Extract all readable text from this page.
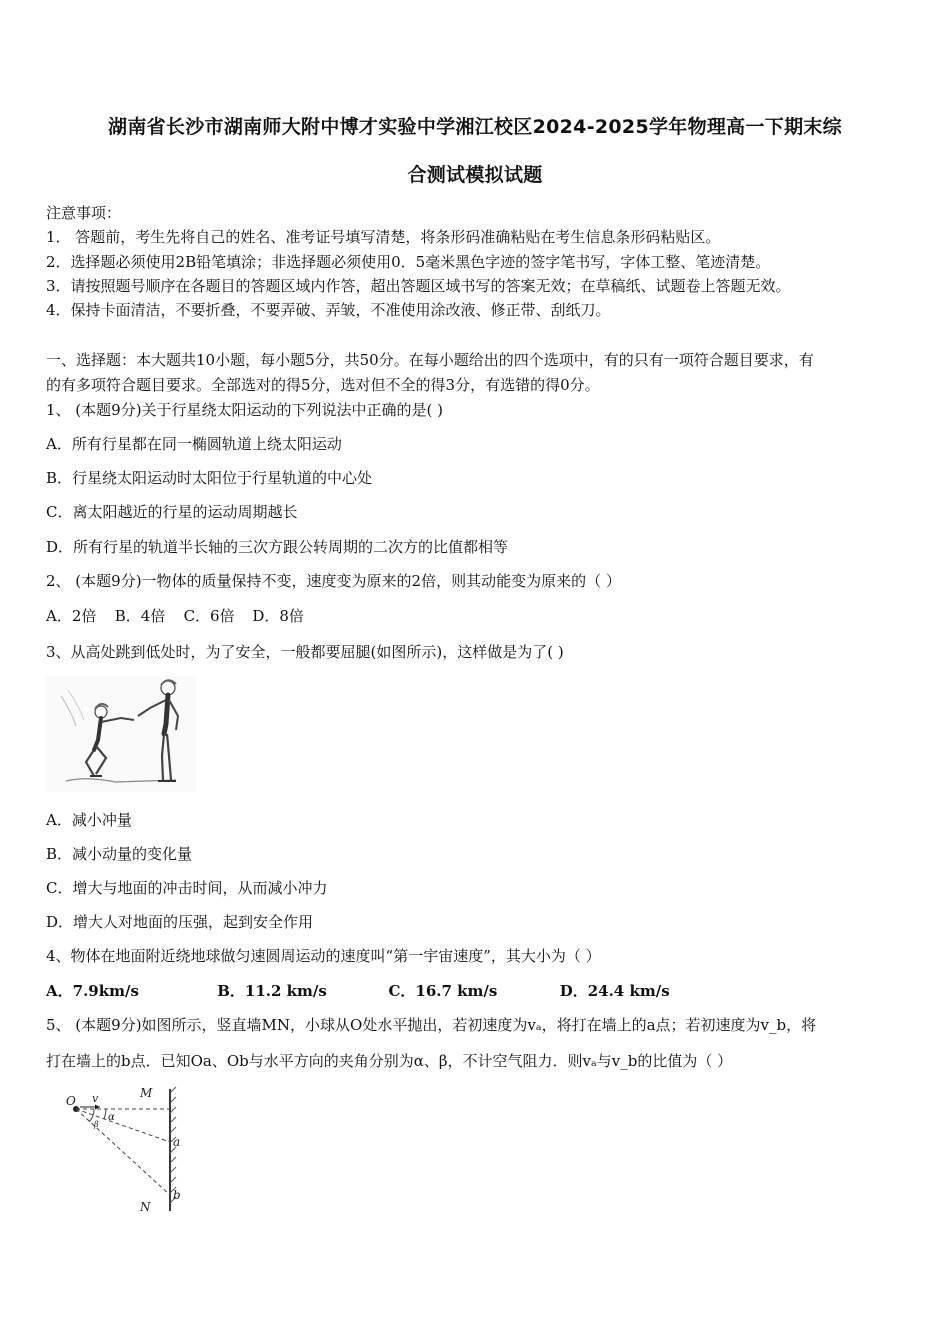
湖南省长沙市湖南师大附中博才实验中学湘江校区2024-2025学年物理高一下期末综
合测试模拟试题
注意事项：
1． 答题前，考生先将自己的姓名、准考证号填写清楚，将条形码准确粘贴在考生信息条形码粘贴区。
2．选择题必须使用2B铅笔填涂；非选择题必须使用0．5毫米黑色字迹的签字笔书写，字体工整、笔迹清楚。
3．请按照题号顺序在各题目的答题区域内作答，超出答题区域书写的答案无效；在草稿纸、试题卷上答题无效。
4．保持卡面清洁，不要折叠，不要弄破、弄皱，不准使用涂改液、修正带、刮纸刀。
一、选择题：本大题共10小题，每小题5分，共50分。在每小题给出的四个选项中，有的只有一项符合题目要求，有
的有多项符合题目要求。全部选对的得5分，选对但不全的得3分，有选错的得0分。
1、 (本题9分)关于行星绕太阳运动的下列说法中正确的是( )
A．所有行星都在同一椭圆轨道上绕太阳运动
B．行星绕太阳运动时太阳位于行星轨道的中心处
C．离太阳越近的行星的运动周期越长
D．所有行星的轨道半长轴的三次方跟公转周期的二次方的比值都相等
2、 (本题9分)一物体的质量保持不变，速度变为原来的2倍，则其动能变为原来的（ ）
A．2倍 B．4倍 C．6倍 D．8倍
3、从高处跳到低处时，为了安全，一般都要屈腿(如图所示)，这样做是为了( )
A．减小冲量
B．减小动量的变化量
C．增大与地面的冲击时间，从而减小冲力
D．增大人对地面的压强，起到安全作用
4、物体在地面附近绕地球做匀速圆周运动的速度叫“第一宇宙速度”，其大小为（ ）
A．7.9km/s	B．11.2 km/s	C．16.7 km/s	D．24.4 km/s
5、 (本题9分)如图所示，竖直墙MN，小球从O处水平抛出，若初速度为vₐ，将打在墙上的a点；若初速度为v_b，将
打在墙上的b点．已知Oa、Ob与水平方向的夹角分别为α、β，不计空气阻力．则vₐ与v_b的比值为（ ）
O v	M
N
a
b
α
β
